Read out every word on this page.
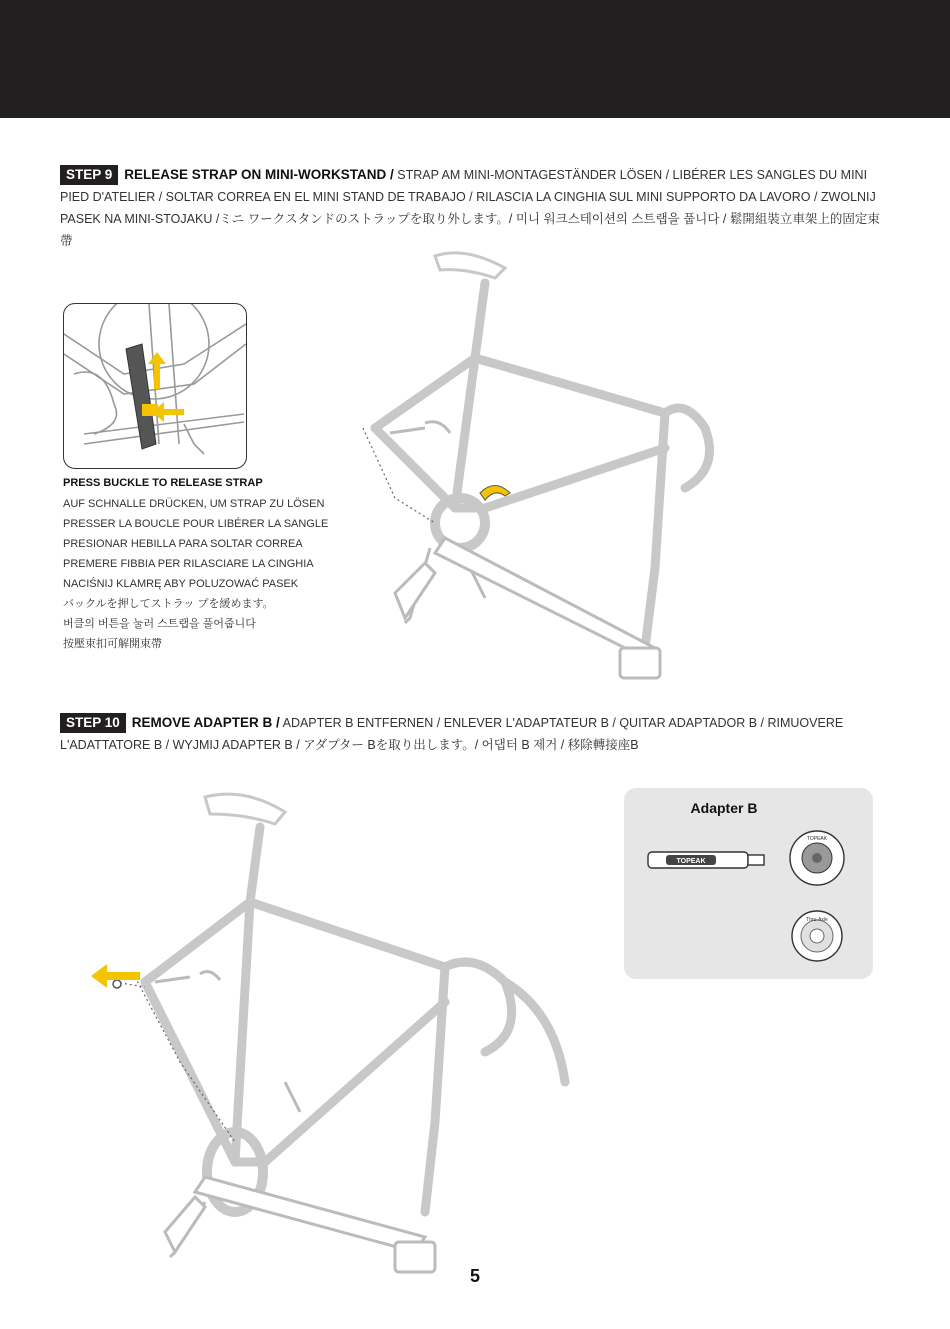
STEP 9 RELEASE STRAP ON MINI-WORKSTAND / STRAP AM MINI-MONTAGESTÄNDER LÖSEN / LIBÉRER LES SANGLES DU MINI PIED D'ATELIER / SOLTAR CORREA EN EL MINI STAND DE TRABAJO / RILASCIA LA CINGHIA SUL MINI SUPPORTO DA LAVORO / ZWOLNIJ PASEK NA MINI-STOJAKU /ミニ ワークスタンドのストラップを取り外します。/ 미니 워크스테이션의 스트랩을 풉니다 / 鬆開組裝立車架上的固定束帶
PRESS BUCKLE TO RELEASE STRAP
AUF SCHNALLE DRÜCKEN, UM STRAP ZU LÖSEN
PRESSER LA BOUCLE POUR LIBÉRER LA SANGLE
PRESIONAR HEBILLA PARA SOLTAR CORREA
PREMERE FIBBIA PER RILASCIARE LA CINGHIA
NACIŚNIJ KLAMRĘ ABY POLUZOWAĆ PASEK
バックルを押してストラッ プを緩めます。
버클의 버튼을 눌러 스트랩을 풀어줍니다
按壓束扣可解開束帶
STEP 10 REMOVE ADAPTER B / ADAPTER B ENTFERNEN / ENLEVER L'ADAPTATEUR B / QUITAR ADAPTADOR B / RIMUOVERE L'ADATTATORE B / WYJMIJ ADAPTER B / アダプター Bを取り出します。/ 어댑터 B 제거 / 移除轉接座B
Adapter B
TOPEAK
TOPEAK
Thru-Axle
5
